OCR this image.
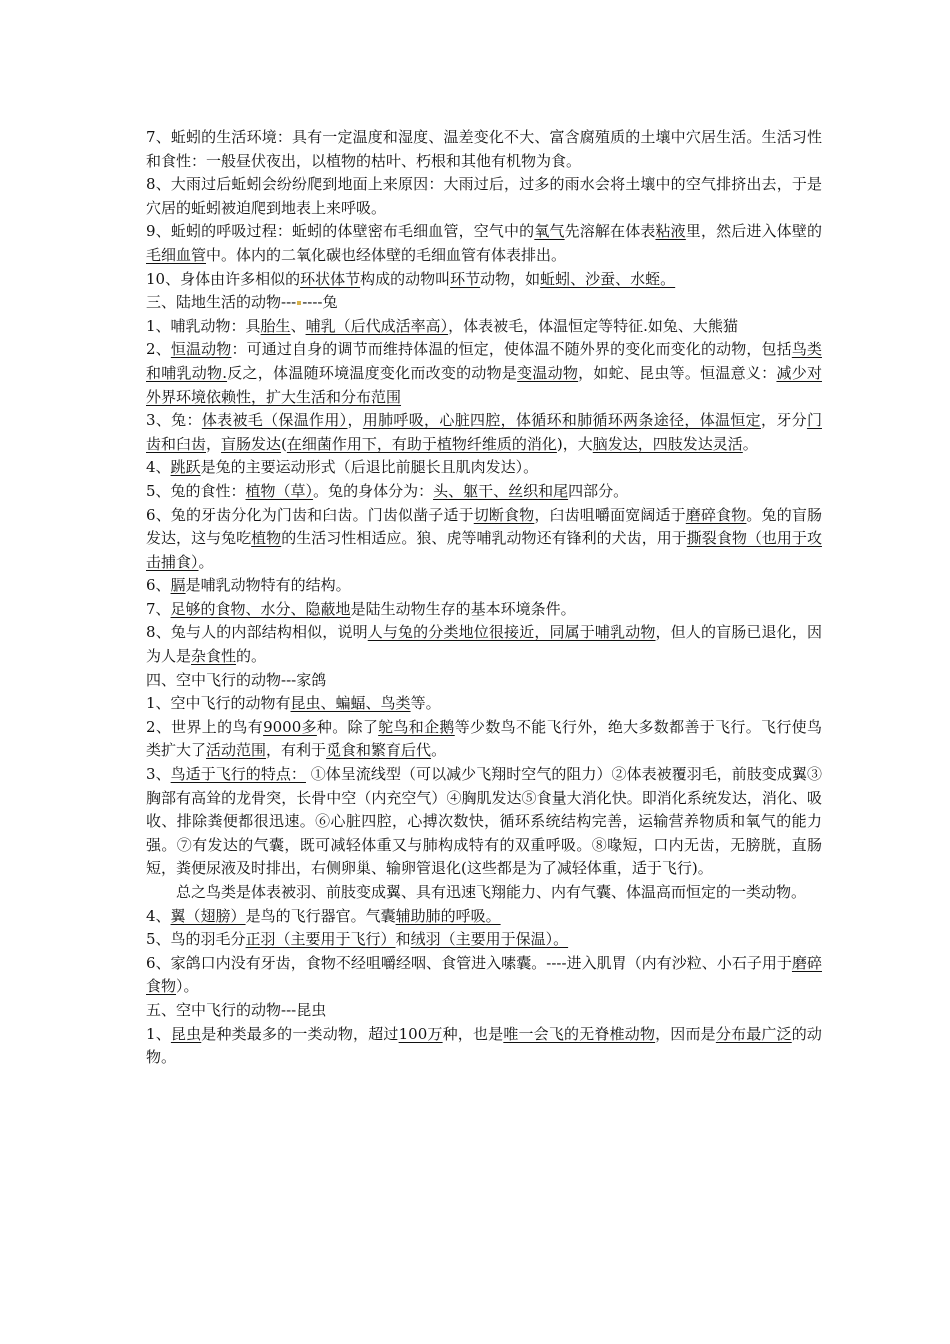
7、蚯蚓的生活环境：具有一定温度和湿度、温差变化不大、富含腐殖质的土壤中穴居生活。生活习性和食性：一般昼伏夜出，以植物的枯叶、朽根和其他有机物为食。

8、大雨过后蚯蚓会纷纷爬到地面上来原因：大雨过后，过多的雨水会将土壤中的空气排挤出去，于是穴居的蚯蚓被迫爬到地表上来呼吸。

9、蚯蚓的呼吸过程：蚯蚓的体壁密布毛细血管，空气中的氧气先溶解在体表粘液里，然后进入体壁的毛细血管中。体内的二氧化碳也经体壁的毛细血管有体表排出。

10、身体由许多相似的环状体节构成的动物叫环节动物，如蚯蚓、沙蚕、水蛭。

三、陆地生活的动物--- ----兔

1、哺乳动物：具胎生、哺乳（后代成活率高），体表被毛，体温恒定等特征.如兔、大熊猫

2、恒温动物：可通过自身的调节而维持体温的恒定，使体温不随外界的变化而变化的动物，包括鸟类和哺乳动物.反之，体温随环境温度变化而改变的动物是变温动物，如蛇、昆虫等。恒温意义：减少对外界环境依赖性，扩大生活和分布范围

3、兔：体表被毛（保温作用），用肺呼吸，心脏四腔，体循环和肺循环两条途径，体温恒定，牙分门齿和臼齿，盲肠发达(在细菌作用下，有助于植物纤维质的消化)，大脑发达，四肢发达灵活。

4、跳跃是兔的主要运动形式（后退比前腿长且肌肉发达）。

5、兔的食性：植物（草）。兔的身体分为：头、躯干、丝织和尾四部分。

6、兔的牙齿分化为门齿和臼齿。门齿似凿子适于切断食物，臼齿咀嚼面宽阔适于磨碎食物。兔的盲肠发达，这与兔吃植物的生活习性相适应。狼、虎等哺乳动物还有锋利的犬齿，用于撕裂食物（也用于攻击捕食）。

6、膈是哺乳动物特有的结构。

7、足够的食物、水分、隐蔽地是陆生动物生存的基本环境条件。

8、兔与人的内部结构相似，说明人与兔的分类地位很接近，同属于哺乳动物，但人的盲肠已退化，因为人是杂食性的。

四、空中飞行的动物---家鸽

1、空中飞行的动物有昆虫、蝙蝠、鸟类等。

2、世界上的鸟有9000多种。除了鸵鸟和企鹅等少数鸟不能飞行外，绝大多数都善于飞行。飞行使鸟类扩大了活动范围，有利于觅食和繁育后代。

3、鸟适于飞行的特点： ①体呈流线型（可以减少飞翔时空气的阻力）②体表被覆羽毛，前肢变成翼③胸部有高耸的龙骨突，长骨中空（内充空气）④胸肌发达⑤食量大消化快。即消化系统发达，消化、吸收、排除粪便都很迅速。⑥心脏四腔，心搏次数快，循环系统结构完善，运输营养物质和氧气的能力强。⑦有发达的气囊，既可减轻体重又与肺构成特有的双重呼吸。⑧喙短，口内无齿，无膀胱，直肠短，粪便尿液及时排出，右侧卵巢、输卵管退化(这些都是为了减轻体重，适于飞行)。

总之鸟类是体表被羽、前肢变成翼、具有迅速飞翔能力、内有气囊、体温高而恒定的一类动物。

4、翼（翅膀）是鸟的飞行器官。气囊辅助肺的呼吸。

5、鸟的羽毛分正羽（主要用于飞行）和绒羽（主要用于保温）。

6、家鸽口内没有牙齿，食物不经咀嚼经咽、食管进入嗉囊。----进入肌胃（内有沙粒、小石子用于磨碎食物）。

五、空中飞行的动物---昆虫

1、昆虫是种类最多的一类动物，超过100万种，也是唯一会飞的无脊椎动物，因而是分布最广泛的动物。
